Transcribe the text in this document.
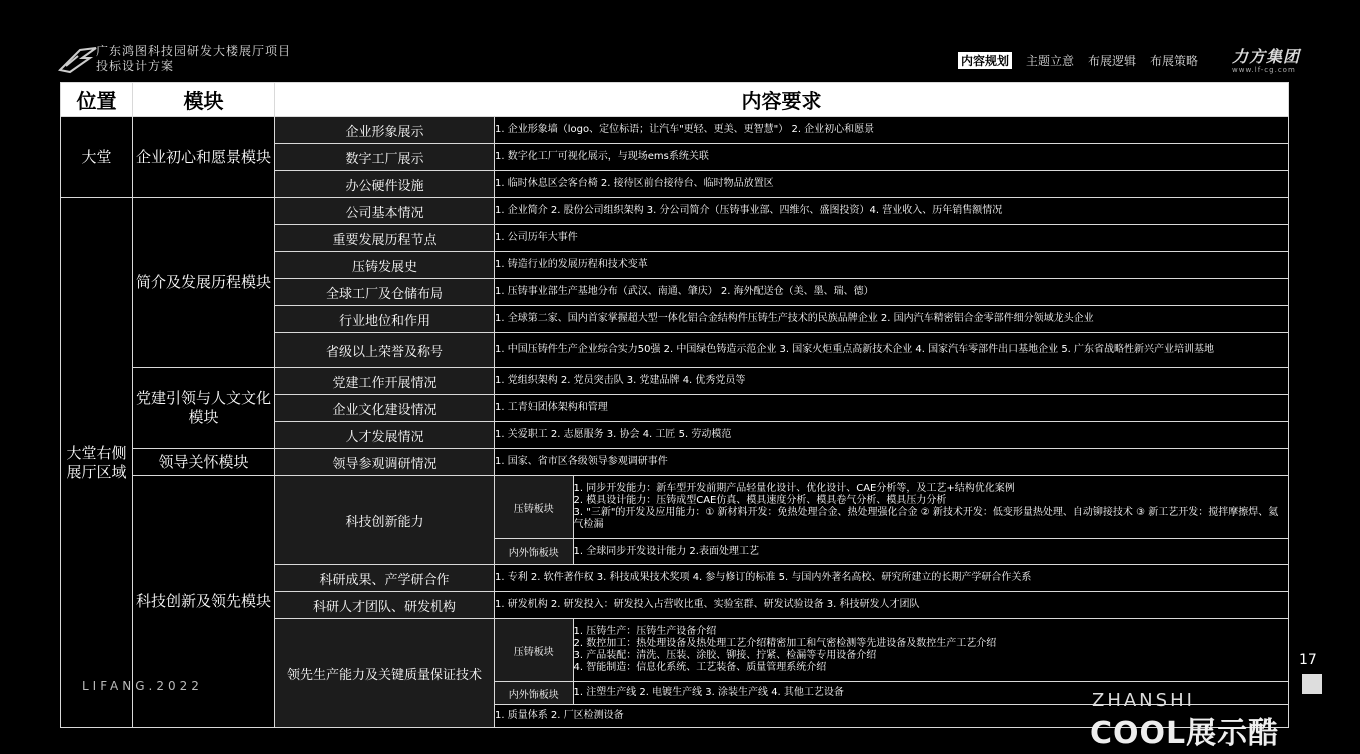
广东鸿图科技园研发大楼展厅项目
投标设计方案	内容规划 主题立意 布展逻辑 布展策略 力方集团
www.lf-cg.com
位置	模块	内容要求
大堂	企业初心和愿景模块	企业形象展示	1. 企业形象墙（logo、定位标语；让汽车"更轻、更美、更智慧"） 2. 企业初心和愿景
数字工厂展示	1. 数字化工厂可视化展示，与现场ems系统关联
办公硬件设施	1. 临时休息区会客台椅 2. 接待区前台接待台、临时物品放置区
大堂右侧展厅区域	简介及发展历程模块	公司基本情况	1. 企业简介 2. 股份公司组织架构 3. 分公司简介（压铸事业部、四维尔、盛图投资）4. 营业收入、历年销售额情况
重要发展历程节点	1. 公司历年大事件
压铸发展史	1. 铸造行业的发展历程和技术变革
全球工厂及仓储布局	1. 压铸事业部生产基地分布（武汉、南通、肇庆） 2. 海外配送仓（美、墨、瑞、德）
行业地位和作用	1. 全球第二家、国内首家掌握超大型一体化铝合金结构件压铸生产技术的民族品牌企业 2. 国内汽车精密铝合金零部件细分领域龙头企业
省级以上荣誉及称号	1. 中国压铸件生产企业综合实力50强 2. 中国绿色铸造示范企业 3. 国家火炬重点高新技术企业 4. 国家汽车零部件出口基地企业 5. 广东省战略性新兴产业培训基地
党建引领与人文文化模块	党建工作开展情况	1. 党组织架构 2. 党员突击队 3. 党建品牌 4. 优秀党员等
企业文化建设情况	1. 工青妇团体架构和管理
人才发展情况	1. 关爱职工 2. 志愿服务 3. 协会 4. 工匠 5. 劳动模范
领导关怀模块	领导参观调研情况	1. 国家、省市区各级领导参观调研事件
科技创新及领先模块	科技创新能力	
压铸板块	1. 同步开发能力：新车型开发前期产品轻量化设计、优化设计、CAE分析等，及工艺+结构优化案例
2. 模具设计能力：压铸成型CAE仿真、模具速度分析、模具卷气分析、模具压力分析
3. "三新"的开发及应用能力：① 新材料开发：免热处理合金、热处理强化合金 ② 新技术开发：低变形量热处理、自动铆接技术 ③ 新工艺开发：搅拌摩擦焊、氦气检漏

内外饰板块	1. 全球同步开发设计能力 2.表面处理工艺

科研成果、产学研合作	1. 专利 2. 软件著作权 3. 科技成果技术奖项 4. 参与修订的标准 5. 与国内外著名高校、研究所建立的长期产学研合作关系
科研人才团队、研发机构	1. 研发机构 2. 研发投入：研发投入占营收比重、实验室群、研发试验设备 3. 科技研发人才团队
领先生产能力及关键质量保证技术	
压铸板块	1. 压铸生产：压铸生产设备介绍
2. 数控加工：热处理设备及热处理工艺介绍精密加工和气密检测等先进设备及数控生产工艺介绍
3. 产品装配：清洗、压装、涂胶、铆接、拧紧、检漏等专用设备介绍
4. 智能制造：信息化系统、工艺装备、质量管理系统介绍

内外饰板块	1. 注塑生产线 2. 电镀生产线 3. 涂装生产线 4. 其他工艺设备

1. 质量体系 2. 厂区检测设备
LIFANG.2022
17
ZHANSHI
COOL展示酷
